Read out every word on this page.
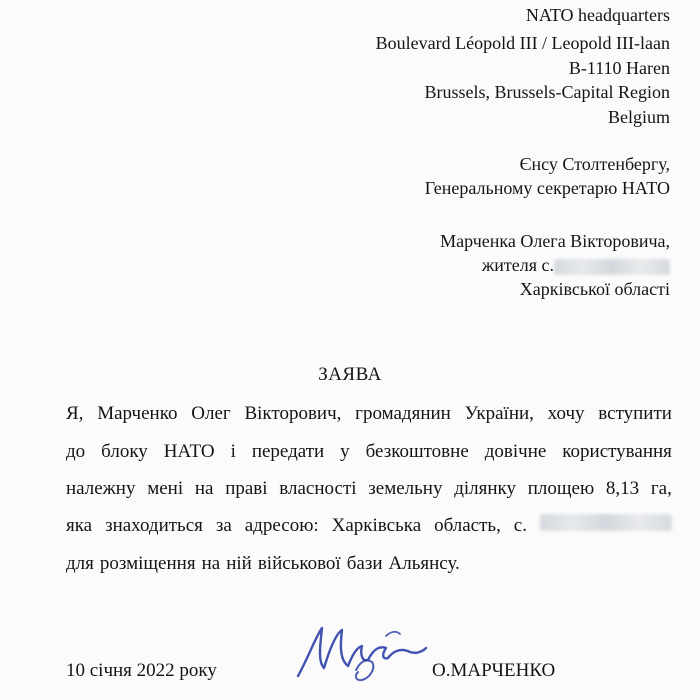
NATO headquarters
Boulevard Léopold III / Leopold III-laan
B-1110 Haren
Brussels, Brussels-Capital Region
Belgium
Єнсу Столтенбергу,
Генеральному секретарю НАТО
Марченка Олега Вікторовича,
жителя с.
Харківської області
ЗАЯВА
Я, Марченко Олег Вікторович, громадянин України, хочу вступити
до блоку НАТО і передати у безкоштовне довічне користування
належну мені на праві власності земельну ділянку площею 8,13 га,
яка знаходиться за адресою: Харківська область, с.
для розміщення на ній військової бази Альянсу.
10 січня 2022 року	О.МАРЧЕНКО
